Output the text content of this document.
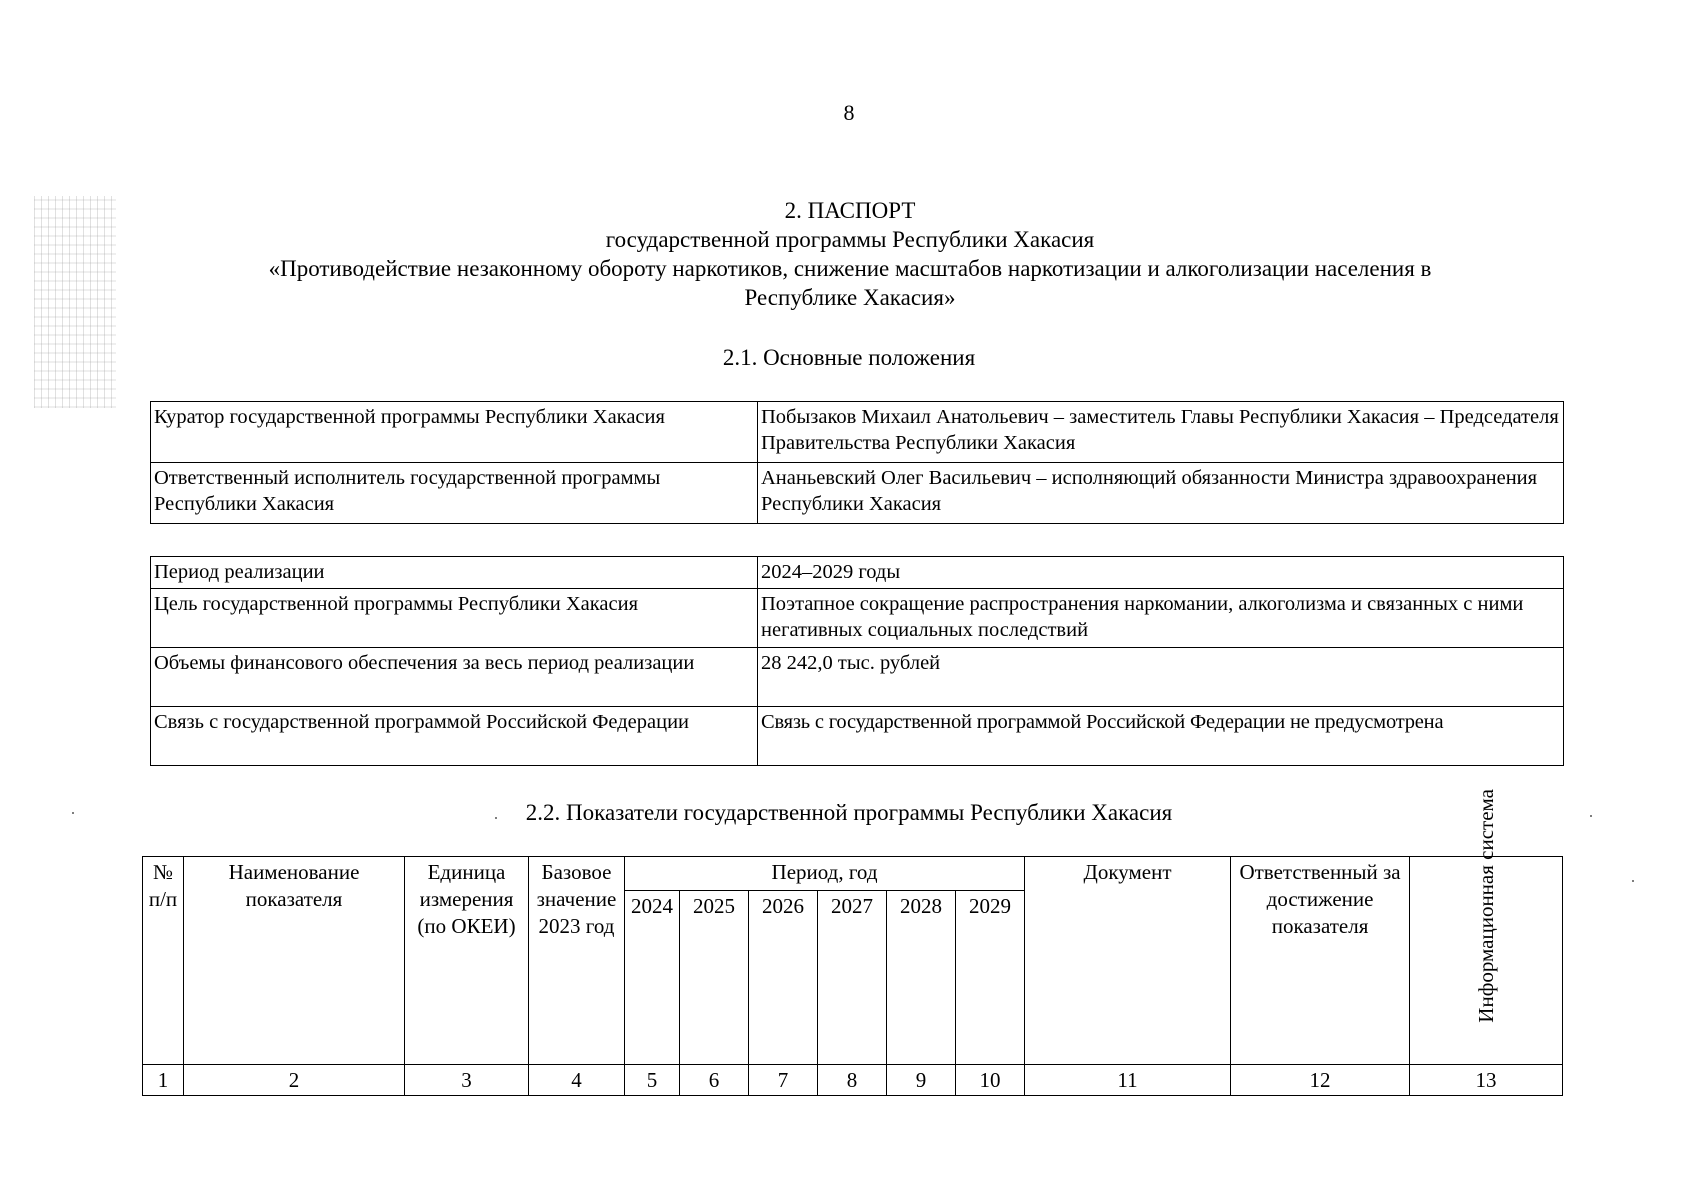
8
2. ПАСПОРТ
государственной программы Республики Хакасия
«Противодействие незаконному обороту наркотиков, снижение масштабов наркотизации и алкоголизации населения в
Республике Хакасия»
2.1. Основные положения
Куратор государственной программы Республики Хакасия	Побызаков Михаил Анатольевич – заместитель Главы Республики Хакасия – Председателя Правительства Республики Хакасия
Ответственный исполнитель государственной программы Республики Хакасия	Ананьевский Олег Васильевич – исполняющий обязанности Министра здравоохранения Республики Хакасия
Период реализации	2024–2029 годы
Цель государственной программы Республики Хакасия	Поэтапное сокращение распространения наркомании, алкоголизма и связанных с ними негативных социальных последствий
Объемы финансового обеспечения за весь период реализации	28 242,0 тыс. рублей
Связь с государственной программой Российской Федерации	Связь с государственной программой Российской Федерации не предусмотрена
2.2. Показатели государственной программы Республики Хакасия
№ п/п	Наименование показателя	Единица измерения (по ОКЕИ)	Базовое значение 2023 год	Период, год						Документ	Ответственный за достижение показателя	Информационная система

				2024	2025	2026	2027	2028	2029			
1	2	3	4	5	6	7	8	9	10	11	12	13
